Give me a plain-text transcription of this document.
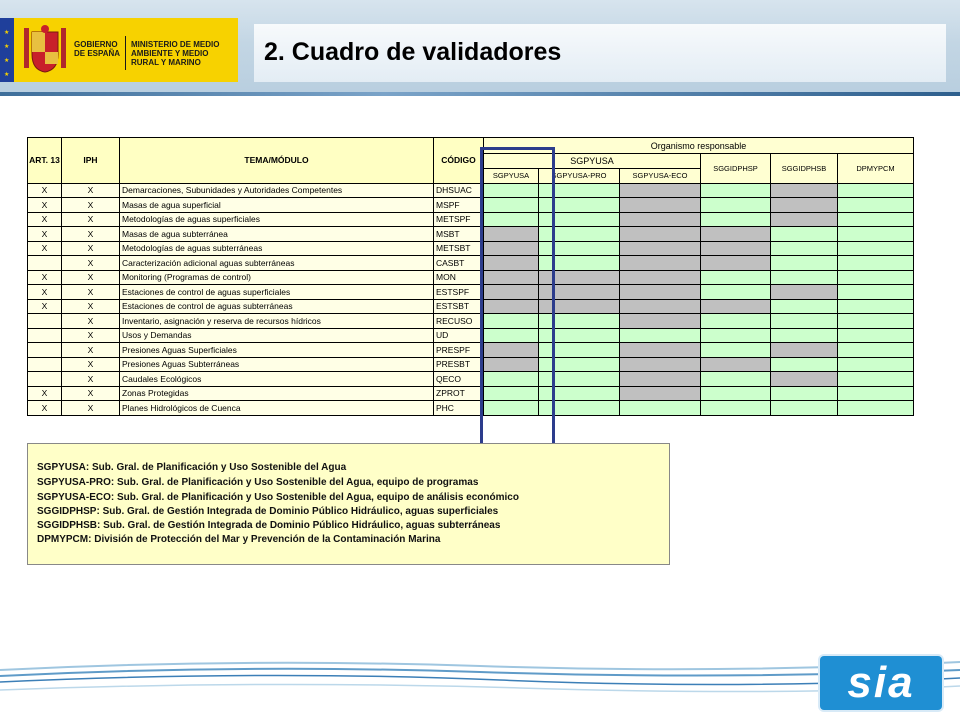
★
★
★
★
GOBIERNO DE ESPAÑA
MINISTERIO DE MEDIO AMBIENTE Y MEDIO RURAL Y MARINO	2. Cuadro de validadores
ART. 13	IPH	TEMA/MÓDULO	CÓDIGO	Organismo responsable					
				SGPYUSA			SGGIDPHSP	SGGIDPHSB	DPMYPCM
				SGPYUSA	SGPYUSA-PRO	SGPYUSA-ECO			
X	X	Demarcaciones, Subunidades y Autoridades Competentes	DHSUAC						
X	X	Masas de agua superficial	MSPF						
X	X	Metodologías de aguas superficiales	METSPF						
X	X	Masas de agua subterránea	MSBT						
X	X	Metodologías de aguas subterráneas	METSBT						
	X	Caracterización adicional aguas subterráneas	CASBT						
X	X	Monitoring (Programas de control)	MON						
X	X	Estaciones de control de aguas superficiales	ESTSPF						
X	X	Estaciones de control de aguas subterráneas	ESTSBT						
	X	Inventario, asignación y reserva de recursos hídricos	RECUSO						
	X	Usos y Demandas	UD						
	X	Presiones Aguas Superficiales	PRESPF						
	X	Presiones Aguas Subterráneas	PRESBT						
	X	Caudales Ecológicos	QECO						
X	X	Zonas Protegidas	ZPROT						
X	X	Planes Hidrológicos de Cuenca	PHC						
SGPYUSA: Sub. Gral. de Planificación y Uso Sostenible del Agua
SGPYUSA-PRO: Sub. Gral. de Planificación y Uso Sostenible del Agua, equipo de programas
SGPYUSA-ECO: Sub. Gral. de Planificación y Uso Sostenible del Agua, equipo de análisis económico
SGGIDPHSP: Sub. Gral. de Gestión Integrada de Dominio Público Hidráulico, aguas superficiales
SGGIDPHSB: Sub. Gral. de Gestión Integrada de Dominio Público Hidráulico, aguas subterráneas
DPMYPCM: División de Protección del Mar y Prevención de la Contaminación Marina
sia
